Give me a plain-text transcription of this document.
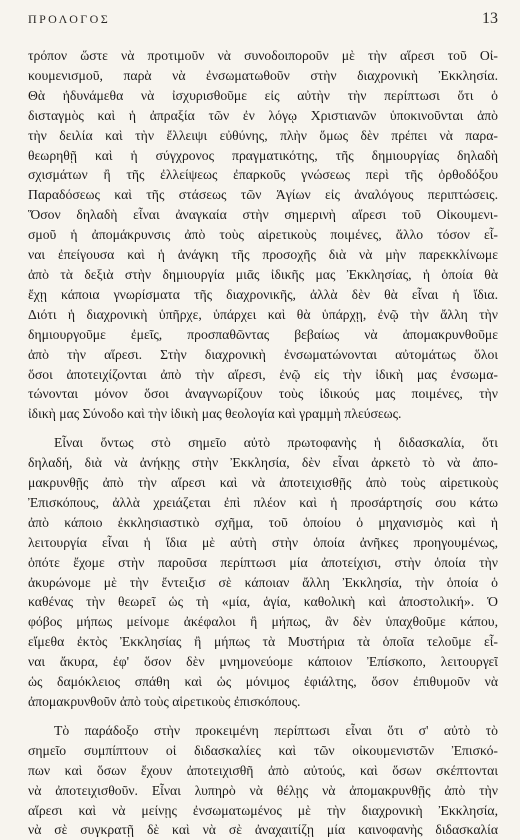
ΠΡΟΛΟΓΟΣ	13
τρόπον ὥστε νὰ προτιμοῦν νὰ συνοδοιποροῦν μὲ τὴν αἵρεσι τοῦ Οἰ-
κουμενισμοῦ, παρὰ νὰ ἐνσωματωθοῦν στὴν διαχρονικὴ Ἐκκλησία.
Θὰ ἠδυνάμεθα νὰ ἰσχυρισθοῦμε εἰς αὐτὴν τὴν περίπτωσι ὅτι ὁ
δισταγμὸς καὶ ἡ ἀπραξία τῶν ἐν λόγῳ Χριστιανῶν ὑποκινοῦνται ἀπὸ
τὴν δειλία καὶ τὴν ἔλλειψι εὐθύνης, πλὴν ὅμως δὲν πρέπει νὰ παρα-
θεωρηθῇ καὶ ἡ σύγχρονος πραγματικότης, τῆς δημιουργίας δηλαδὴ
σχισμάτων ἢ τῆς ἐλλείψεως ἐπαρκοῦς γνώσεως περὶ τῆς ὀρθοδόξου
Παραδόσεως καὶ τῆς στάσεως τῶν Ἁγίων εἰς ἀναλόγους περιπτώσεις.
Ὅσον δηλαδὴ εἶναι ἀναγκαία στὴν σημερινὴ αἵρεσι τοῦ Οἰκουμενι-
σμοῦ ἡ ἀπομάκρυνσις ἀπὸ τοὺς αἱρετικοὺς ποιμένες, ἄλλο τόσον εἶ-
ναι ἐπείγουσα καὶ ἡ ἀνάγκη τῆς προσοχῆς διὰ νὰ μὴν παρεκκλίνωμε
ἀπὸ τὰ δεξιὰ στὴν δημιουργία μιᾶς ἰδικῆς μας Ἐκκλησίας, ἡ ὁποία θὰ
ἔχῃ κάποια γνωρίσματα τῆς διαχρονικῆς, ἀλλὰ δὲν θὰ εἶναι ἡ ἴδια.
Διότι ἡ διαχρονικὴ ὑπῆρχε, ὑπάρχει καὶ θὰ ὑπάρχῃ, ἐνῷ τὴν ἄλλη τὴν
δημιουργοῦμε ἐμεῖς, προσπαθῶντας βεβαίως νὰ ἀπομακρυνθοῦμε
ἀπὸ τὴν αἵρεσι. Στὴν διαχρονικὴ ἐνσωματώνονται αὐτομάτως ὅλοι
ὅσοι ἀποτειχίζονται ἀπὸ τὴν αἵρεσι, ἐνῷ εἰς τὴν ἰδικὴ μας ἐνσωμα-
τώνονται μόνον ὅσοι ἀναγνωρίζουν τοὺς ἰδικούς μας ποιμένες, τὴν
ἰδικὴ μας Σύνοδο καὶ τὴν ἰδικὴ μας θεολογία καὶ γραμμὴ πλεύσεως.
Εἶναι ὄντως στὸ σημεῖο αὐτὸ πρωτοφανὴς ἡ διδασκαλία, ὅτι
δηλαδή, διὰ νὰ ἀνήκῃς στὴν Ἐκκλησία, δὲν εἶναι ἀρκετὸ τὸ νὰ ἀπο-
μακρυνθῇς ἀπὸ τὴν αἵρεσι καὶ νὰ ἀποτειχισθῇς ἀπὸ τοὺς αἱρετικοὺς
Ἐπισκόπους, ἀλλὰ χρειάζεται ἐπὶ πλέον καὶ ἡ προσάρτησίς σου κάτω
ἀπὸ κάποιο ἐκκλησιαστικὸ σχῆμα, τοῦ ὁποίου ὁ μηχανισμὸς καὶ ἡ
λειτουργία εἶναι ἡ ἴδια μὲ αὐτὴ στὴν ὁποία ἀνῆκες προηγουμένως,
ὁπότε ἔχομε στὴν παροῦσα περίπτωσι μία ἀποτείχισι, στὴν ὁποία τὴν
ἀκυρώνομε μὲ τὴν ἔντειξισ σὲ κάποιαν ἄλλη Ἐκκλησία, τὴν ὁποία ὁ
καθένας τὴν θεωρεῖ ὡς τὴ «μία, ἁγία, καθολικὴ καὶ ἀποστολική». Ὁ
φόβος μήπως μείνομε ἀκέφαλοι ἢ μήπως, ἂν δὲν ὑπαχθοῦμε κάπου,
εἴμεθα ἐκτὸς Ἐκκλησίας ἢ μήπως τὰ Μυστήρια τὰ ὁποῖα τελοῦμε εἶ-
ναι ἄκυρα, ἐφ' ὅσον δὲν μνημονεύομε κάποιον Ἐπίσκοπο, λειτουργεῖ
ὡς δαμόκλειος σπάθη καὶ ὡς μόνιμος ἐφιάλτης, ὅσον ἐπιθυμοῦν νὰ
ἀπομακρυνθοῦν ἀπὸ τοὺς αἱρετικοὺς ἐπισκόπους.
Τὸ παράδοξο στὴν προκειμένη περίπτωσι εἶναι ὅτι σ' αὐτὸ τὸ
σημεῖο συμπίπτουν οἱ διδασκαλίες καὶ τῶν οἰκουμενιστῶν Ἐπισκό-
πων καὶ ὅσων ἔχουν ἀποτειχισθῆ ἀπὸ αὐτούς, καὶ ὅσων σκέπτονται
νὰ ἀποτειχισθοῦν. Εἶναι λυπηρὸ νὰ θέλῃς νὰ ἀπομακρυνθῇς ἀπὸ τὴν
αἵρεσι καὶ νὰ μείνῃς ἐνσωματωμένος μὲ τὴν διαχρονικὴ Ἐκκλησία,
νὰ σὲ συγκρατῇ δὲ καὶ νὰ σὲ ἀναχαιτίζῃ μία καινοφανὴς διδασκαλία
